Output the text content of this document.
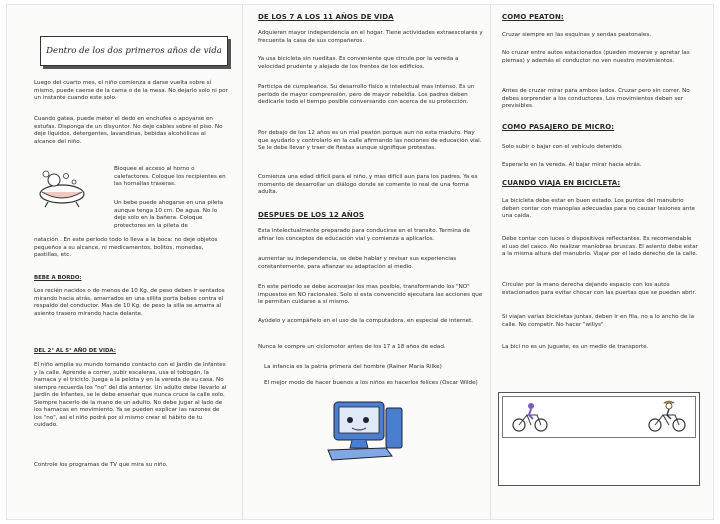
Dentro de los dos primeros años de vida

Luego del cuarto mes, el niño comienza a darse vuelta sobre sí mismo, puede caerse de la cama o de la mesa. No dejarlo solo ni por un instante cuando este solo.

Cuando gatea, puede meter el dedo en enchufes o apoyarse en estufas. Disponga de un disyuntor. No deje cables sobre el piso. No deje líquidos, detergentes, lavandinas, bebidas alcohólicas al alcance del niño.

Bloquee el acceso al horno o calefactores. Coloque los recipientes en las hornallas traseras.

Un bebe puede ahogarse en una pileta aunque tenga 10 cm. De agua. No lo deje solo en la bañera. Coloque protectores en la pileta de

natación . En este periodo todo lo lleva a la boca: no deje objetos pequeños a su alcance, ni medicamentos, bolitos, monedas, pastillas, etc.

BEBE A BORDO:

Los recién nacidos o de menos de 10 Kg. de peso deben ir sentados mirando hacia atrás, amarrados en una sillita porta bebes contra el respaldo del conductor. Mas de 10 Kg. de peso la silla se amarra al asiento trasero mirando hacia delante.

DEL 2° AL 5° AÑO DE VIDA:

El niño amplia su mundo tomando contacto con el Jardín de Infantes y la calle. Aprende a correr, subir escaleras, usa el tobogán, la hamaca y el triciclo. Juega a la pelota y en la vereda de su casa. No siempre recuerda los "no" del día anterior. Un adulto debe llevarlo al Jardín de Infantes, se le debe enseñar que nunca cruce la calle solo. Siempre hacerlo de la mano de un adulto. No debe jugar al lado de los hamacas en movimiento. Ya se pueden explicar las razones de los "no", así el niño podrá por sí mismo crear el hábito de tu cuidado.

Controle los programas de TV que mira su niño.

DE LOS 7 A LOS 11 AÑOS DE VIDA

Adquieren mayor independencia en el hogar. Tiene actividades extraescolares y frecuenta la casa de sus compañeros.

Ya usa bicicleta sin rueditas. Es conveniente que circule por la vereda a velocidad prudente y alejado de los frentes de los edificios.

Participa de cumpleaños. Su desarrollo físico e intelectual mas intenso. Es un periodo de mayor comprensión, pero de mayor rebeldía. Los padres deben dedicarle todo el tiempo posible conversando con acerca de su protección.

Por debajo de los 12 años es un mal peatón porque aun no esta maduro. Hay que ayudarlo y controlarlo en la calle afirmando las nociones de educación vial. Se le debe llevar y traer de fiestas aunque signifique protestas.

Comienza una edad difícil para el niño, y mas difícil aun para los padres. Ya es momento de desarrollar un diálogo donde se comente lo real de una forma adulta.

DESPUES DE LOS 12 AÑOS

Esta intelectualmente preparado para conducirse en el transito. Termina de afinar los conceptos de educación vial y comienza a aplicarlos.

aumentar su independencia, se debe hablar y revisar sus experiencias constantemente, para afianzar su adaptación al medio.

En este periodo se debe aconsejar los mas posible, transformando los "NO" impuestos en NO racionales. Solo si esta convencido ejecutara las acciones que le permitan cuidarse a sí mismo.

Ayúdelo y acompáñelo en el uso de la computadora, en especial de internet.

Nunca le compre un ciclomotor antes de los 17 a 18 años de edad.

La infancia es la patria primera del hombre (Rainer Maria Rilke)

El mejor modo de hacer buenos a los niños es hacerlos felices (Oscar Wilde)

COMO PEATON:

Cruzar siempre en las esquinas y sendas peatonales.

No cruzar entre autos estacionados (pueden moverse y apretar las piernas) y además el conductor no ven nuestro movimientos.

Antes de cruzar mirar para ambos lados. Cruzar pero sin correr. No debes sorprender a los conductores. Los movimientos deben ser previsibles.

COMO PASAJERO DE MICRO:

Solo subir o bajar con el vehículo detenido.

Esperarlo en la vereda. Al bajar mirar hacia atrás.

CUANDO VIAJA EN BICICLETA:

La bicicleta debe estar en buen estado. Los puntos del manubrio deben contar con manoplas adecuadas para no causar lesiones ante una caída.

Debe contar con luces o dispositivos reflectantes. Es recomendable el uso del casco. No realizar maniobras bruscas. El asiento debe estar a la misma altura del manubrio. Viajar por el lado derecho de la calle.

Circular por la mano derecha dejando espacio con los autos estacionados para evitar chocar con las puertas que se puedan abrir.

Si viajan varias bicicletas juntas, deben ir en fila, no a lo ancho de la calle. No competir. No hacer "willys"

La bici no es un juguete, es un medio de transporte.
